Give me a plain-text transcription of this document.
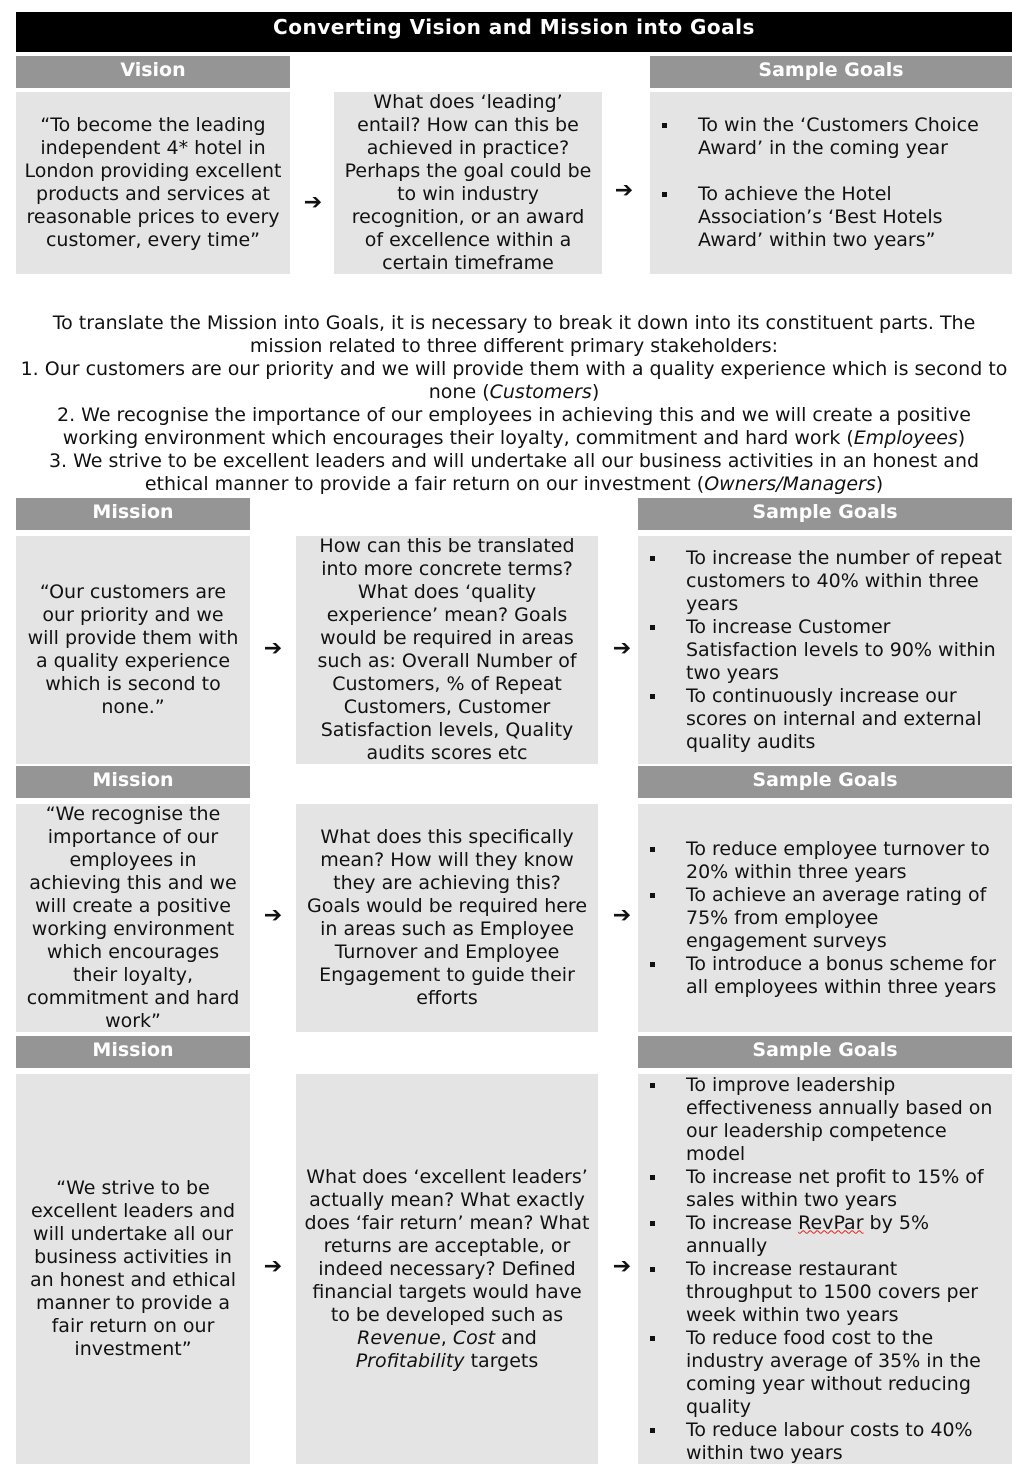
Converting Vision and Mission into Goals
Vision	Sample Goals
“To become the leading independent 4* hotel in London providing excellent products and services at reasonable prices to every customer, every time”
➔
What does ‘leading’ entail? How can this be achieved in practice? Perhaps the goal could be to win industry recognition, or an award of excellence within a certain timeframe
➔
To win the ‘Customers Choice Award’ in the coming year
To achieve the Hotel Association’s ‘Best Hotels Award’ within two years”

To translate the Mission into Goals, it is necessary to break it down into its constituent parts. The mission related to three different primary stakeholders:

1. Our customers are our priority and we will provide them with a quality experience which is second to none (Customers)

2. We recognise the importance of our employees in achieving this and we will create a positive working environment which encourages their loyalty, commitment and hard work (Employees)

3. We strive to be excellent leaders and will undertake all our business activities in an honest and ethical manner to provide a fair return on our investment (Owners/Managers)

Mission	Sample Goals
“Our customers are our priority and we will provide them with a quality experience which is second to none.”
➔
How can this be translated into more concrete terms? What does ‘quality experience’ mean? Goals would be required in areas such as: Overall Number of Customers, % of Repeat Customers, Customer Satisfaction levels, Quality audits scores etc
➔
To increase the number of repeat customers to 40% within three years
To increase Customer Satisfaction levels to 90% within two years
To continuously increase our scores on internal and external quality audits
Mission	Sample Goals
“We recognise the importance of our employees in achieving this and we will create a positive working environment which encourages their loyalty, commitment and hard work”
➔
What does this specifically mean? How will they know they are achieving this? Goals would be required here in areas such as Employee Turnover and Employee Engagement to guide their efforts
➔
To reduce employee turnover to 20% within three years
To achieve an average rating of 75% from employee engagement surveys
To introduce a bonus scheme for all employees within three years
Mission	Sample Goals
“We strive to be excellent leaders and will undertake all our business activities in an honest and ethical manner to provide a fair return on our investment”
➔
What does ‘excellent leaders’ actually mean? What exactly does ‘fair return’ mean? What returns are acceptable, or indeed necessary? Defined financial targets would have to be developed such as Revenue, Cost and Profitability targets
➔
To improve leadership effectiveness annually based on our leadership competence model
To increase net profit to 15% of sales within two years
To increase RevPar by 5% annually
To increase restaurant throughput to 1500 covers per week within two years
To reduce food cost to the industry average of 35% in the coming year without reducing quality
To reduce labour costs to 40% within two years
